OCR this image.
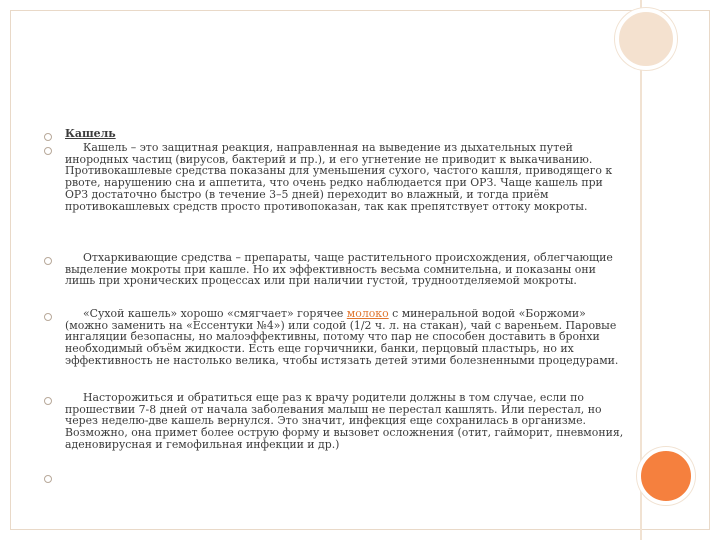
Кашель

Кашель – это защитная реакция, направленная на выведение из дыхательных путей инородных частиц (вирусов, бактерий и пр.), и его угнетение не приводит к выкачиванию. Противокашлевые средства показаны для уменьшения сухого, частого кашля, приводящего к рвоте, нарушению сна и аппетита, что очень редко наблюдается при ОРЗ. Чаще кашель при ОРЗ достаточно быстро (в течение 3–5 дней) переходит во влажный, и тогда приём противокашлевых средств просто противопоказан, так как препятствует оттоку мокроты.

Отхаркивающие средства – препараты, чаще растительного происхождения, облегчающие выделение мокроты при кашле. Но их эффективность весьма сомнительна, и показаны они лишь при хронических процессах или при наличии густой, трудноотделяемой мокроты.

«Сухой кашель» хорошо «смягчает» горячее молоко с минеральной водой «Боржоми» (можно заменить на «Ессентуки №4») или содой (1/2 ч. л. на стакан), чай с вареньем. Паровые ингаляции безопасны, но малоэффективны, потому что пар не способен доставить в бронхи необходимый объём жидкости. Есть еще горчичники, банки, перцовый пластырь, но их эффективность не настолько велика, чтобы истязать детей этими болезненными процедурами.

Насторожиться и обратиться еще раз к врачу родители должны в том случае, если по прошествии 7-8 дней от начала заболевания малыш не перестал кашлять. Или перестал, но через неделю-две кашель вернулся. Это значит, инфекция еще сохранилась в организме. Возможно, она примет более острую форму и вызовет осложнения (отит, гайморит, пневмония, аденовирусная и гемофильная инфекции и др.)
